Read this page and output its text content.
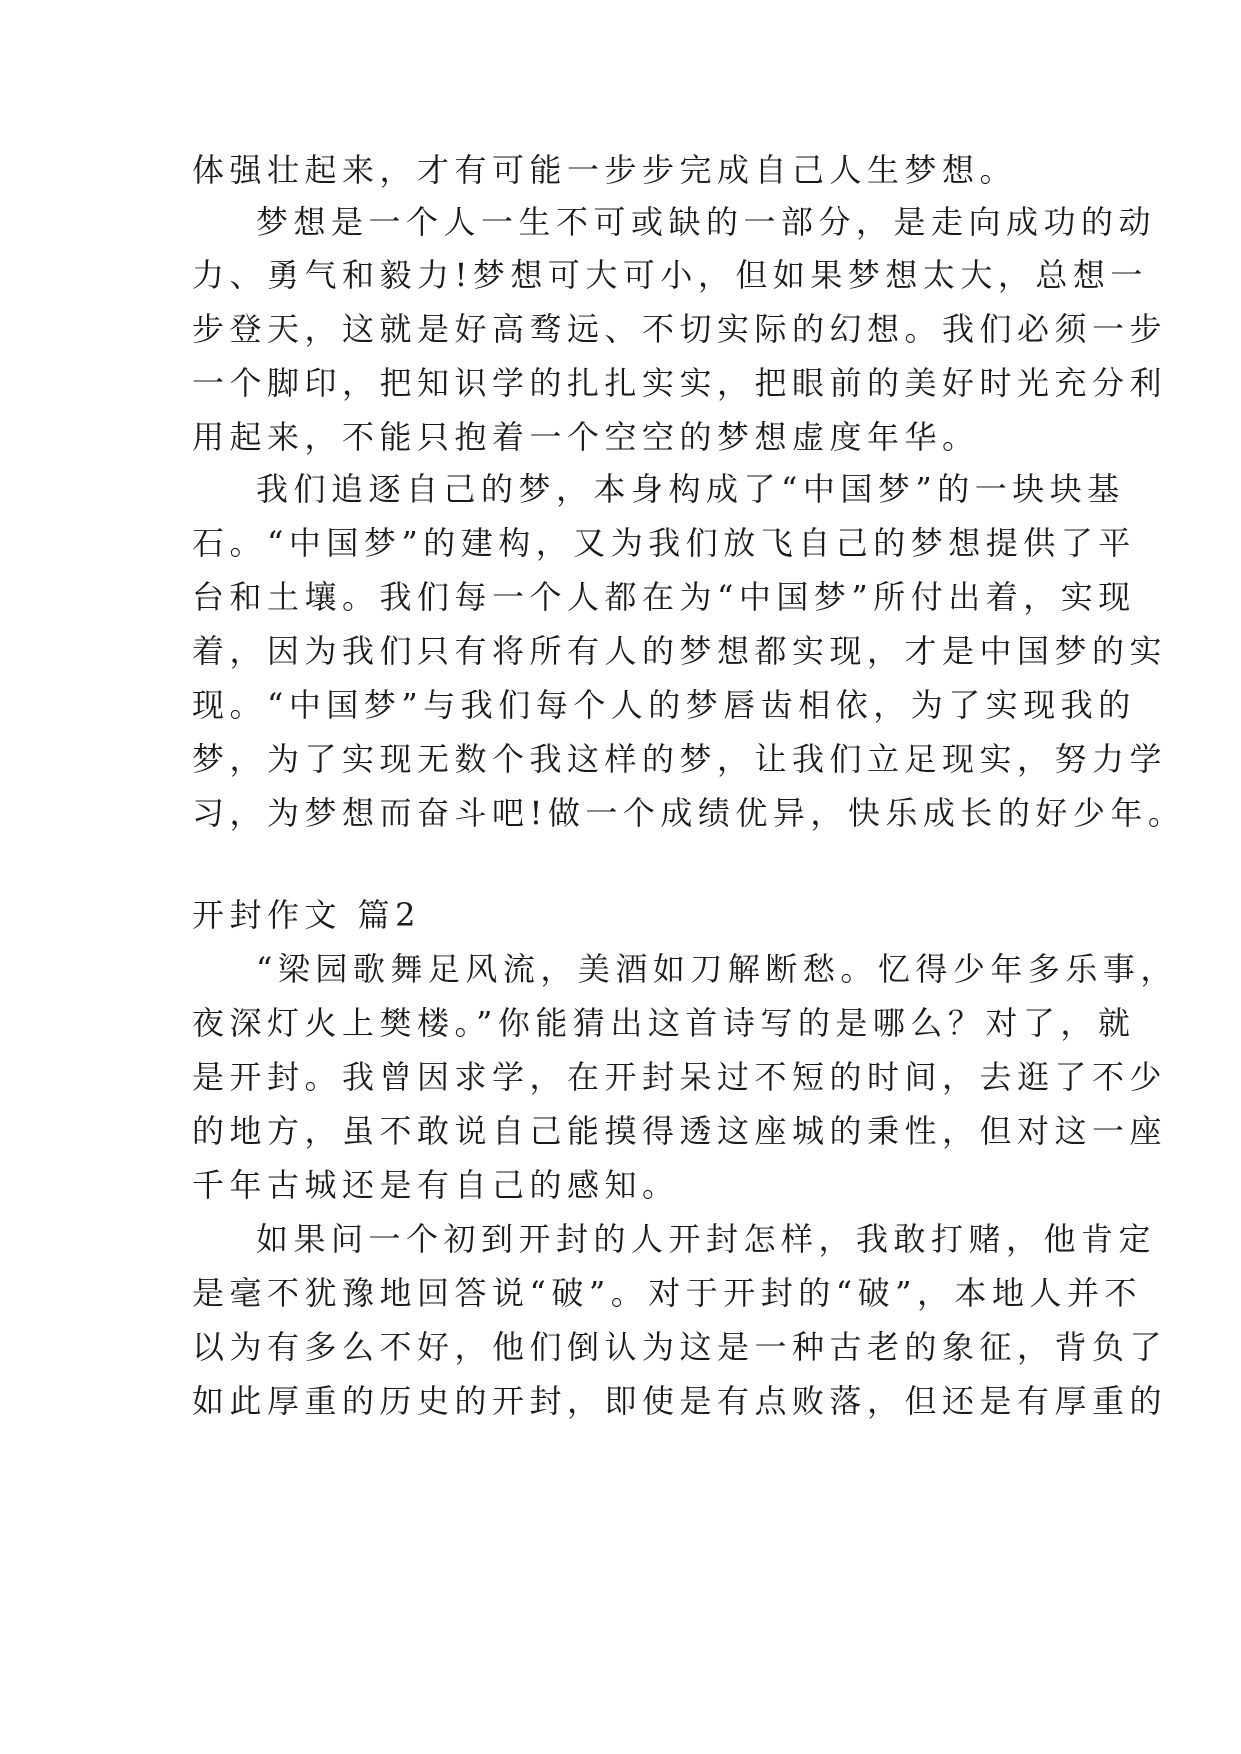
体强壮起来，才有可能一步步完成自己人生梦想。
梦想是一个人一生不可或缺的一部分，是走向成功的动
力、勇气和毅力!梦想可大可小，但如果梦想太大，总想一
步登天，这就是好高骛远、不切实际的幻想。我们必须一步
一个脚印，把知识学的扎扎实实，把眼前的美好时光充分利
用起来，不能只抱着一个空空的梦想虚度年华。
我们追逐自己的梦，本身构成了“中国梦”的一块块基
石。“中国梦”的建构，又为我们放飞自己的梦想提供了平
台和土壤。我们每一个人都在为“中国梦”所付出着，实现
着，因为我们只有将所有人的梦想都实现，才是中国梦的实
现。“中国梦”与我们每个人的梦唇齿相依，为了实现我的
梦，为了实现无数个我这样的梦，让我们立足现实，努力学
习，为梦想而奋斗吧!做一个成绩优异，快乐成长的好少年。
开封作文 篇2
“梁园歌舞足风流，美酒如刀解断愁。忆得少年多乐事，
夜深灯火上樊楼。”你能猜出这首诗写的是哪么？对了，就
是开封。我曾因求学，在开封呆过不短的时间，去逛了不少
的地方，虽不敢说自己能摸得透这座城的秉性，但对这一座
千年古城还是有自己的感知。
如果问一个初到开封的人开封怎样，我敢打赌，他肯定
是毫不犹豫地回答说“破”。对于开封的“破”，本地人并不
以为有多么不好，他们倒认为这是一种古老的象征，背负了
如此厚重的历史的开封，即使是有点败落，但还是有厚重的
